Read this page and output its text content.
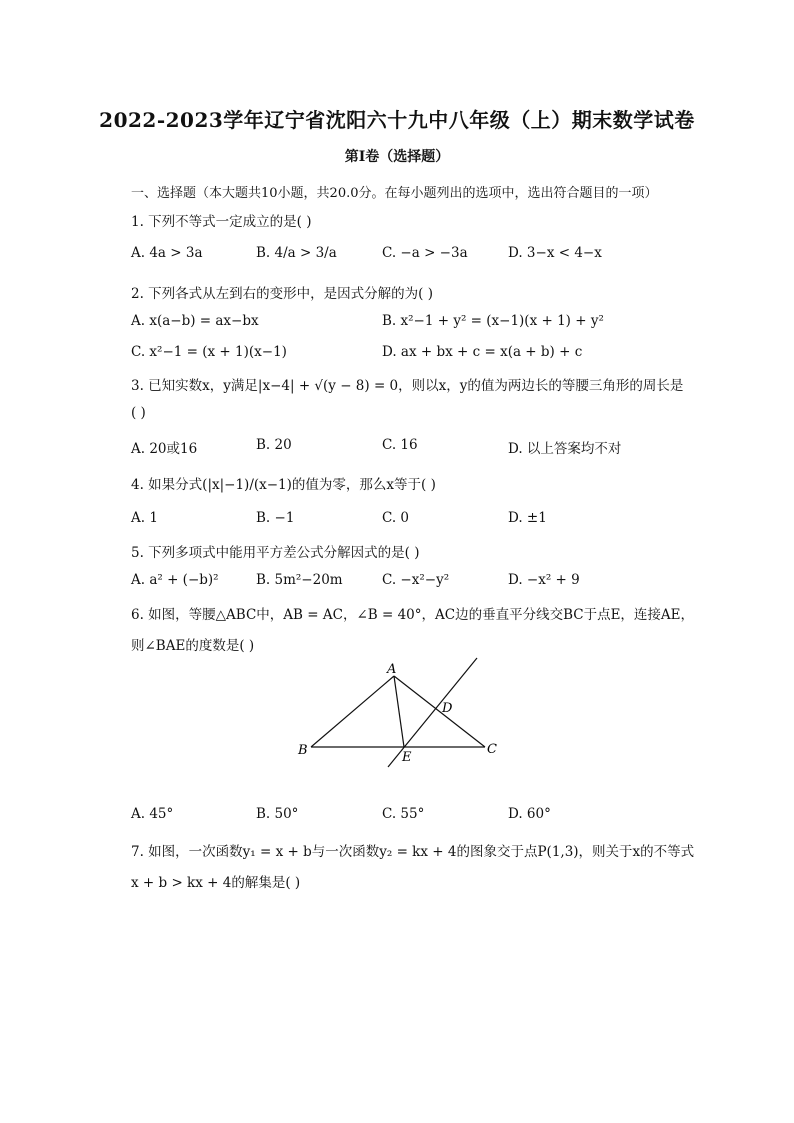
2022-2023学年辽宁省沈阳六十九中八年级（上）期末数学试卷
第I卷（选择题）
一、选择题（本大题共10小题，共20.0分。在每小题列出的选项中，选出符合题目的一项）
1. 下列不等式一定成立的是( )
A. 4a > 3a	B. 4/a > 3/a	C. −a > −3a	D. 3−x < 4−x
2. 下列各式从左到右的变形中，是因式分解的为( )
A. x(a−b) = ax−bx	B. x²−1 + y² = (x−1)(x + 1) + y²
C. x²−1 = (x + 1)(x−1)	D. ax + bx + c = x(a + b) + c
3. 已知实数x，y满足|x−4| + √(y − 8) = 0，则以x，y的值为两边长的等腰三角形的周长是
( )
A. 20或16	B. 20	C. 16	D. 以上答案均不对
4. 如果分式(|x|−1)/(x−1)的值为零，那么x等于( )
A. 1	B. −1	C. 0	D. ±1
5. 下列多项式中能用平方差公式分解因式的是( )
A. a² + (−b)²	B. 5m²−20m	C. −x²−y²	D. −x² + 9
6. 如图，等腰△ABC中，AB = AC，∠B = 40°，AC边的垂直平分线交BC于点E，连接AE，
则∠BAE的度数是( )
A
B	C
D
E
A. 45°	B. 50°	C. 55°	D. 60°
7. 如图，一次函数y₁ = x + b与一次函数y₂ = kx + 4的图象交于点P(1,3)，则关于x的不等式
x + b > kx + 4的解集是( )
